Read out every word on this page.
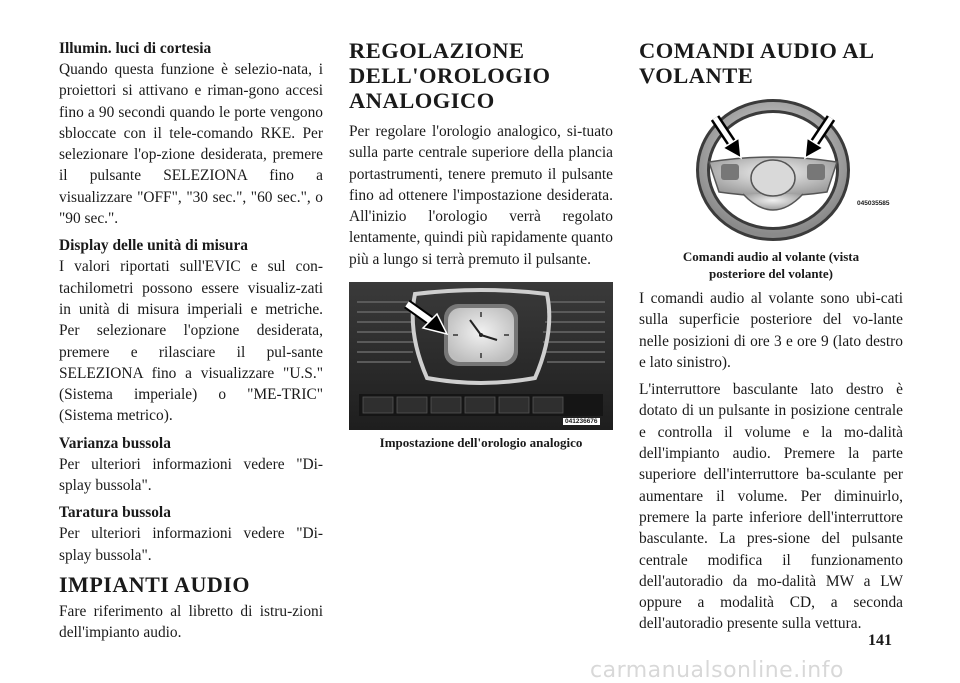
Illumin. luci di cortesia

Quando questa funzione è selezio-nata, i proiettori si attivano e riman-gono accesi fino a 90 secondi quando le porte vengono sbloccate con il tele-comando RKE. Per selezionare l'op-zione desiderata, premere il pulsante SELEZIONA fino a visualizzare "OFF", "30 sec.", "60 sec.", o "90 sec.".

Display delle unità di misura

I valori riportati sull'EVIC e sul con-tachilometri possono essere visualiz-zati in unità di misura imperiali e metriche. Per selezionare l'opzione desiderata, premere e rilasciare il pul-sante SELEZIONA fino a visualizzare "U.S." (Sistema imperiale) o "ME-TRIC" (Sistema metrico).

Varianza bussola

Per ulteriori informazioni vedere "Di-splay bussola".

Taratura bussola

Per ulteriori informazioni vedere "Di-splay bussola".

IMPIANTI AUDIO

Fare riferimento al libretto di istru-zioni dell'impianto audio.

REGOLAZIONE
DELL'OROLOGIO
ANALOGICO

Per regolare l'orologio analogico, si-tuato sulla parte centrale superiore della plancia portastrumenti, tenere premuto il pulsante fino ad ottenere l'impostazione desiderata. All'inizio l'orologio verrà regolato lentamente, quindi più rapidamente quanto più a lungo si terrà premuto il pulsante.

041236676
Impostazione dell'orologio analogico
COMANDI AUDIO AL
VOLANTE
045035585
Comandi audio al volante (vista posteriore del volante)

I comandi audio al volante sono ubi-cati sulla superficie posteriore del vo-lante nelle posizioni di ore 3 e ore 9 (lato destro e lato sinistro).

L'interruttore basculante lato destro è dotato di un pulsante in posizione centrale e controlla il volume e la mo-dalità dell'impianto audio. Premere la parte superiore dell'interruttore ba-sculante per aumentare il volume. Per diminuirlo, premere la parte inferiore dell'interruttore basculante. La pres-sione del pulsante centrale modifica il funzionamento dell'autoradio da mo-dalità MW a LW oppure a modalità CD, a seconda dell'autoradio presente sulla vettura.

141
carmanualsonline.info
